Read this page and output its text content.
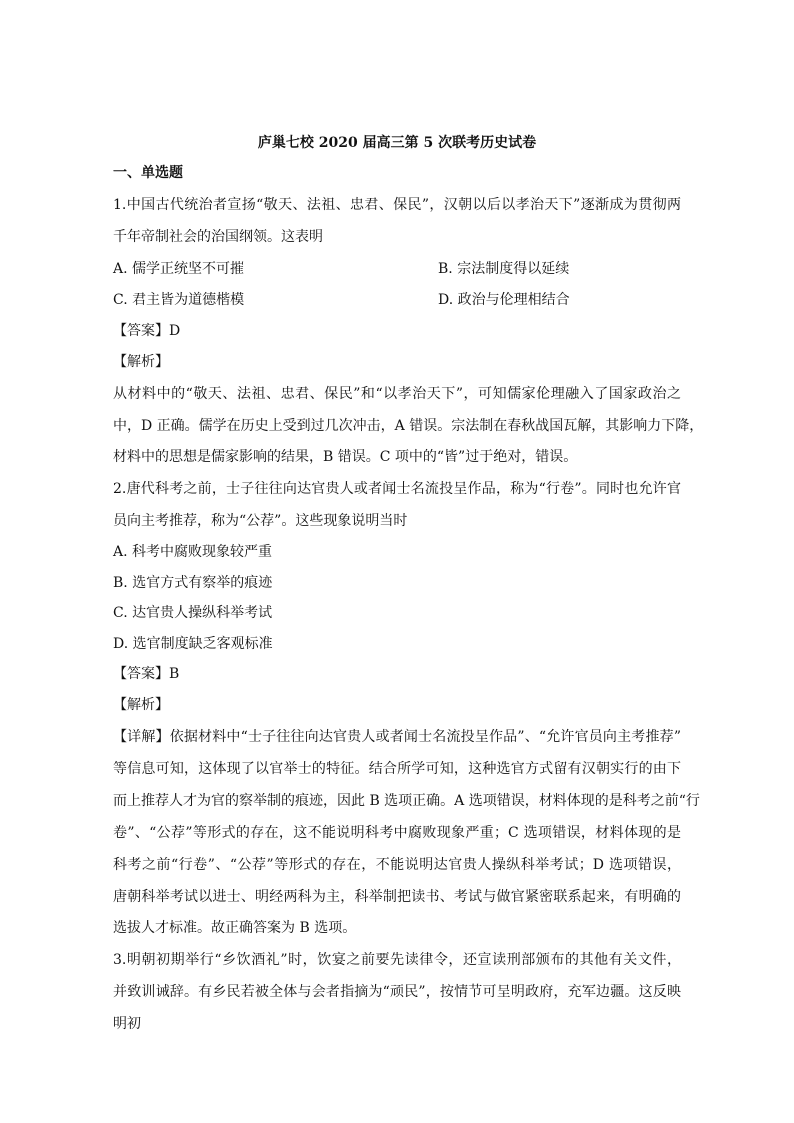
庐巢七校 2020 届高三第 5 次联考历史试卷
一、单选题
1.中国古代统治者宣扬“敬天、法祖、忠君、保民”，汉朝以后以孝治天下”逐渐成为贯彻两
千年帝制社会的治国纲领。这表明
A. 儒学正统坚不可摧	B. 宗法制度得以延续
C. 君主皆为道德楷模	D. 政治与伦理相结合
【答案】D
【解析】
从材料中的“敬天、法祖、忠君、保民”和“以孝治天下”，可知儒家伦理融入了国家政治之
中，D 正确。儒学在历史上受到过几次冲击，A 错误。宗法制在春秋战国瓦解，其影响力下降，
材料中的思想是儒家影响的结果，B 错误。C 项中的“皆”过于绝对，错误。
2.唐代科考之前，士子往往向达官贵人或者闻士名流投呈作品，称为“行卷”。同时也允许官
员向主考推荐，称为“公荐”。这些现象说明当时
A. 科考中腐败现象较严重
B. 选官方式有察举的痕迹
C. 达官贵人操纵科举考试
D. 选官制度缺乏客观标准
【答案】B
【解析】
【详解】依据材料中“士子往往向达官贵人或者闻士名流投呈作品”、“允许官员向主考推荐”
等信息可知，这体现了以官举士的特征。结合所学可知，这种选官方式留有汉朝实行的由下
而上推荐人才为官的察举制的痕迹，因此 B 选项正确。A 选项错误，材料体现的是科考之前“行
卷”、“公荐”等形式的存在，这不能说明科考中腐败现象严重；C 选项错误，材料体现的是
科考之前“行卷”、“公荐”等形式的存在，不能说明达官贵人操纵科举考试；D 选项错误，
唐朝科举考试以进士、明经两科为主，科举制把读书、考试与做官紧密联系起来，有明确的
选拔人才标准。故正确答案为 B 选项。
3.明朝初期举行“乡饮酒礼”时，饮宴之前要先读律令，还宣读刑部颁布的其他有关文件，
并致训诫辞。有乡民若被全体与会者指摘为“顽民”，按情节可呈明政府，充军边疆。这反映
明初
